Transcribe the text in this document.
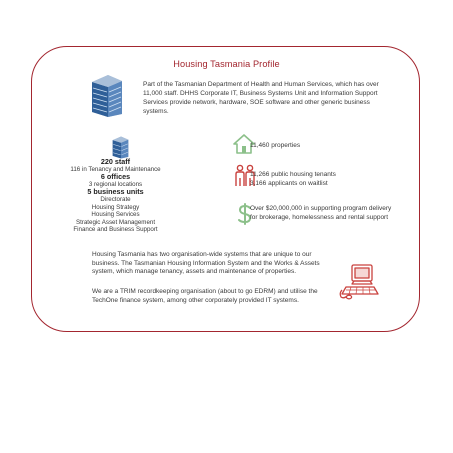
Housing Tasmania Profile

Part of the Tasmanian Department of Health and Human Services, which has over 11,000 staff. DHHS Corporate IT, Business Systems Unit and Information Support Services provide network, hardware, SOE software and other generic business systems.

220 staff
116 in Tenancy and Maintenance
6 offices
3 regional locations
5 business units
Directorate
Housing Strategy
Housing Services
Strategic Asset Management
Finance and Business Support

11,460 properties

11,266 public housing tenants
3,166 applicants on waitlist

Over $20,000,000 in supporting program delivery for brokerage, homelessness and rental support

Housing Tasmania has two organisation-wide systems that are unique to our business. The Tasmanian Housing Information System and the Works & Assets system, which manage tenancy, assets and maintenance of properties.

We are a TRIM recordkeeping organisation (about to go EDRM) and utilise the TechOne finance system, among other corporately provided IT systems.
